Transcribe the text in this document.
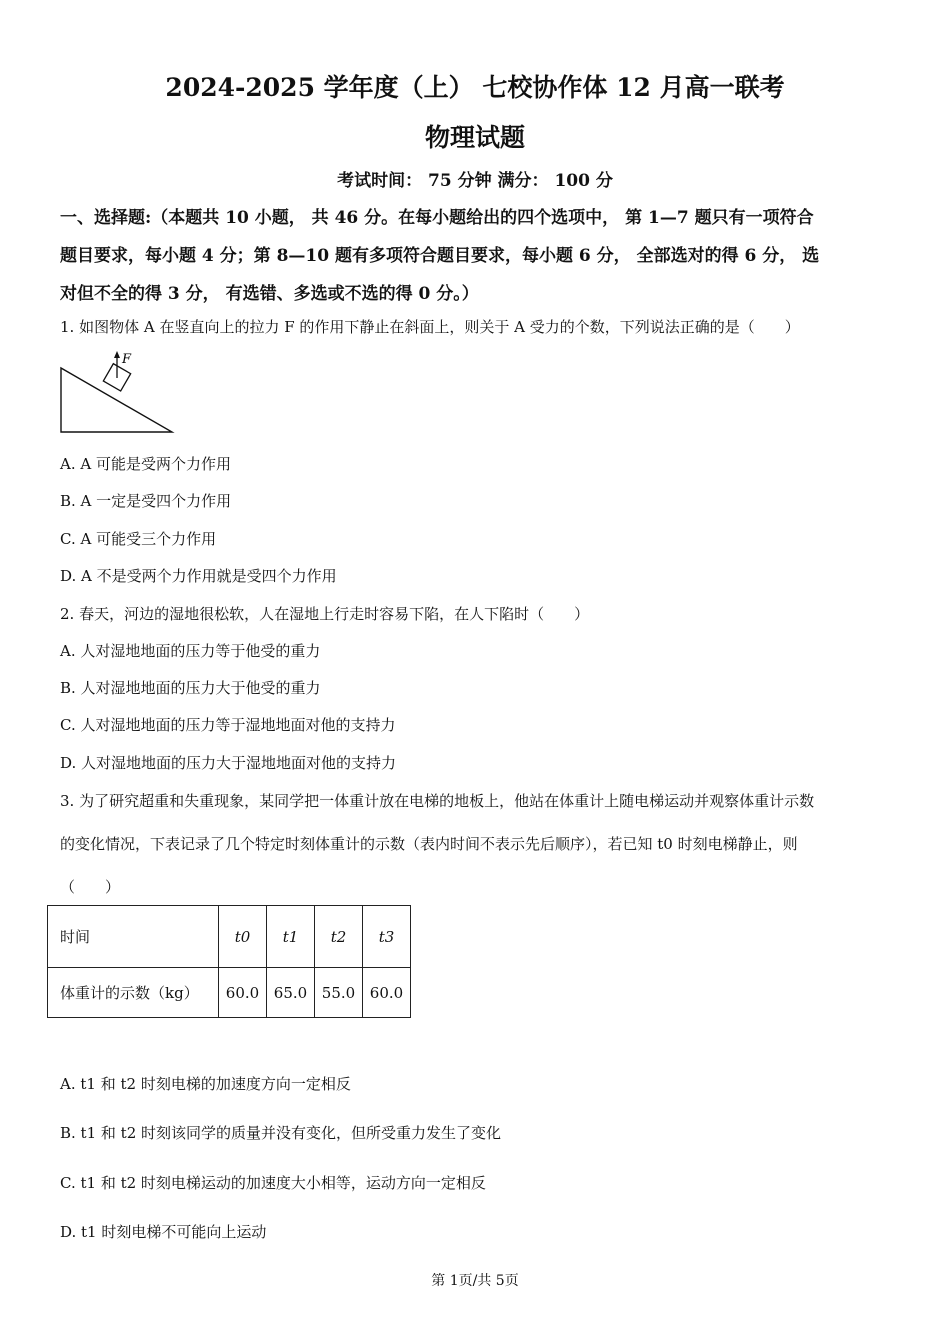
2024-2025 学年度（上） 七校协作体 12 月高一联考
物理试题
考试时间： 75 分钟 满分： 100 分
一、选择题:（本题共 10 小题， 共 46 分。在每小题给出的四个选项中， 第 1—7 题只有一项符合
题目要求，每小题 4 分；第 8—10 题有多项符合题目要求，每小题 6 分， 全部选对的得 6 分， 选
对但不全的得 3 分， 有选错、多选或不选的得 0 分。）
1. 如图物体 A 在竖直向上的拉力 F 的作用下静止在斜面上，则关于 A 受力的个数，下列说法正确的是（　　）
F
A. A 可能是受两个力作用
B. A 一定是受四个力作用
C. A 可能受三个力作用
D. A 不是受两个力作用就是受四个力作用
2. 春天，河边的湿地很松软，人在湿地上行走时容易下陷，在人下陷时（　　）
A. 人对湿地地面的压力等于他受的重力
B. 人对湿地地面的压力大于他受的重力
C. 人对湿地地面的压力等于湿地地面对他的支持力
D. 人对湿地地面的压力大于湿地地面对他的支持力
3. 为了研究超重和失重现象，某同学把一体重计放在电梯的地板上，他站在体重计上随电梯运动并观察体重计示数
的变化情况，下表记录了几个特定时刻体重计的示数（表内时间不表示先后顺序），若已知 t0 时刻电梯静止，则
（　　）
时间	t0	t1	t2	t3
体重计的示数（kg）	60.0	65.0	55.0	60.0
A. t1 和 t2 时刻电梯的加速度方向一定相反
B. t1 和 t2 时刻该同学的质量并没有变化，但所受重力发生了变化
C. t1 和 t2 时刻电梯运动的加速度大小相等，运动方向一定相反
D. t1 时刻电梯不可能向上运动
第 1页/共 5页
